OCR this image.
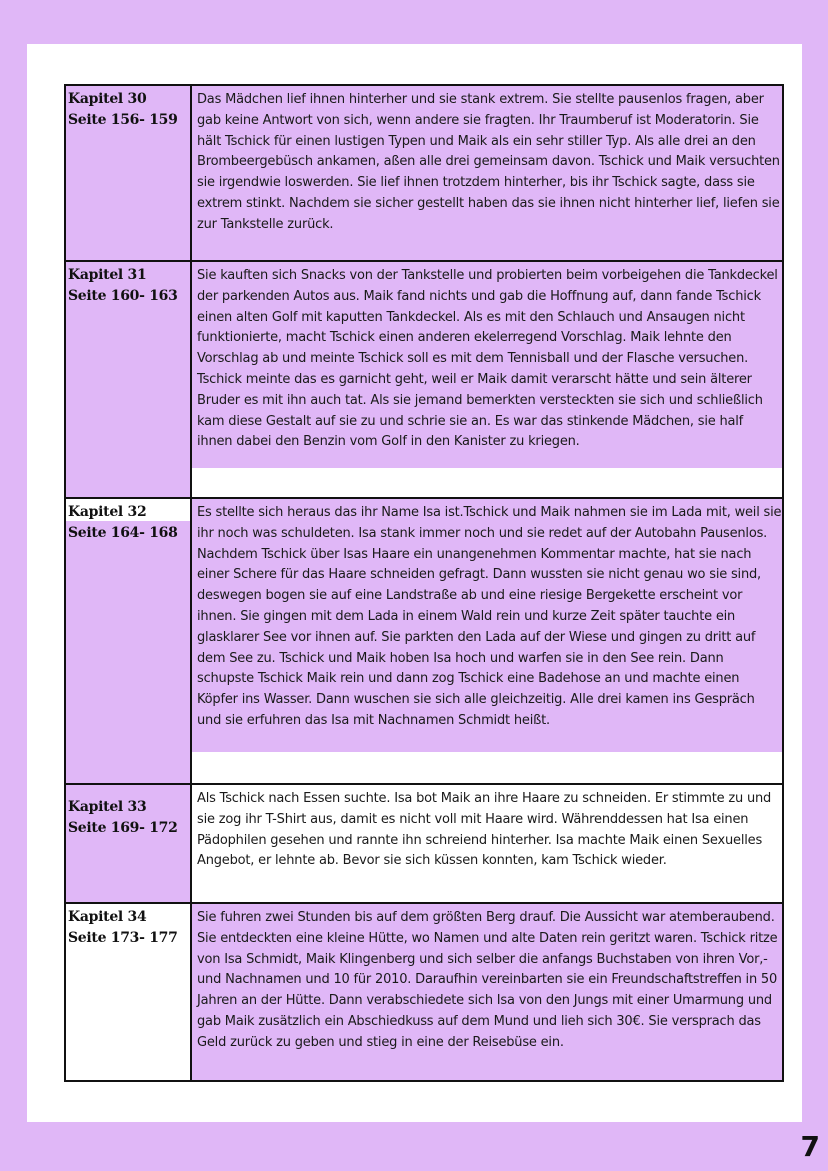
Kapitel 30
Seite 156- 159	Das Mädchen lief ihnen hinterher und sie stank extrem. Sie stellte pausenlos fragen, aber gab keine Antwort von sich, wenn andere sie fragten. Ihr Traumberuf ist Moderatorin. Sie hält Tschick für einen lustigen Typen und Maik als ein sehr stiller Typ. Als alle drei an den Brombeergebüsch ankamen, aßen alle drei gemeinsam davon. Tschick und Maik versuchten sie irgendwie loswerden. Sie lief ihnen trotzdem hinterher, bis ihr Tschick sagte, dass sie extrem stinkt. Nachdem sie sicher gestellt haben das sie ihnen nicht hinterher lief, liefen sie zur Tankstelle zurück.

Kapitel 31
Seite 160- 163	Sie kauften sich Snacks von der Tankstelle und probierten beim vorbeigehen die Tankdeckel der parkenden Autos aus. Maik fand nichts und gab die Hoffnung auf, dann fande Tschick einen alten Golf mit kaputten Tankdeckel. Als es mit den Schlauch und Ansaugen nicht funktionierte, macht Tschick einen anderen ekelerregend Vorschlag. Maik lehnte den Vorschlag ab und meinte Tschick soll es mit dem Tennisball und der Flasche versuchen. Tschick meinte das es garnicht geht, weil er Maik damit verarscht hätte und sein älterer Bruder es mit ihn auch tat. Als sie jemand bemerkten versteckten sie sich und schließlich kam diese Gestalt auf sie zu und schrie sie an. Es war das stinkende Mädchen, sie half ihnen dabei den Benzin vom Golf in den Kanister zu kriegen.

Kapitel 32
Seite 164- 168	Es stellte sich heraus das ihr Name Isa ist.Tschick und Maik nahmen sie im Lada mit, weil sie ihr noch was schuldeten. Isa stank immer noch und sie redet auf der Autobahn Pausenlos. Nachdem Tschick über Isas Haare ein unangenehmen Kommentar machte, hat sie nach einer Schere für das Haare schneiden gefragt. Dann wussten sie nicht genau wo sie sind, deswegen bogen sie auf eine Landstraße ab und eine riesige Bergekette erscheint vor ihnen. Sie gingen mit dem Lada in einem Wald rein und kurze Zeit später tauchte ein glasklarer See vor ihnen auf. Sie parkten den Lada auf der Wiese und gingen zu dritt auf dem See zu. Tschick und Maik hoben Isa hoch und warfen sie in den See rein. Dann schupste Tschick Maik rein und dann zog Tschick eine Badehose an und machte einen Köpfer ins Wasser. Dann wuschen sie sich alle gleichzeitig. Alle drei kamen ins Gespräch und sie erfuhren das Isa mit Nachnamen Schmidt heißt.

Kapitel 33
Seite 169- 172	Als Tschick nach Essen suchte. Isa bot Maik an ihre Haare zu schneiden. Er stimmte zu und sie zog ihr T-Shirt aus, damit es nicht voll mit Haare wird. Währenddessen hat Isa einen Pädophilen gesehen und rannte ihn schreiend hinterher. Isa machte Maik einen Sexuelles Angebot, er lehnte ab. Bevor sie sich küssen konnten, kam Tschick wieder.

Kapitel 34
Seite 173- 177	Sie fuhren zwei Stunden bis auf dem größten Berg drauf. Die Aussicht war atemberaubend. Sie entdeckten eine kleine Hütte, wo Namen und alte Daten rein geritzt waren. Tschick ritze von Isa Schmidt, Maik Klingenberg und sich selber die anfangs Buchstaben von ihren Vor,-und Nachnamen und 10 für 2010. Daraufhin vereinbarten sie ein Freundschaftstreffen in 50 Jahren an der Hütte. Dann verabschiedete sich Isa von den Jungs mit einer Umarmung und gab Maik zusätzlich ein Abschiedkuss auf dem Mund und lieh sich 30€. Sie versprach das Geld zurück zu geben und stieg in eine der Reisebüse ein.
7
